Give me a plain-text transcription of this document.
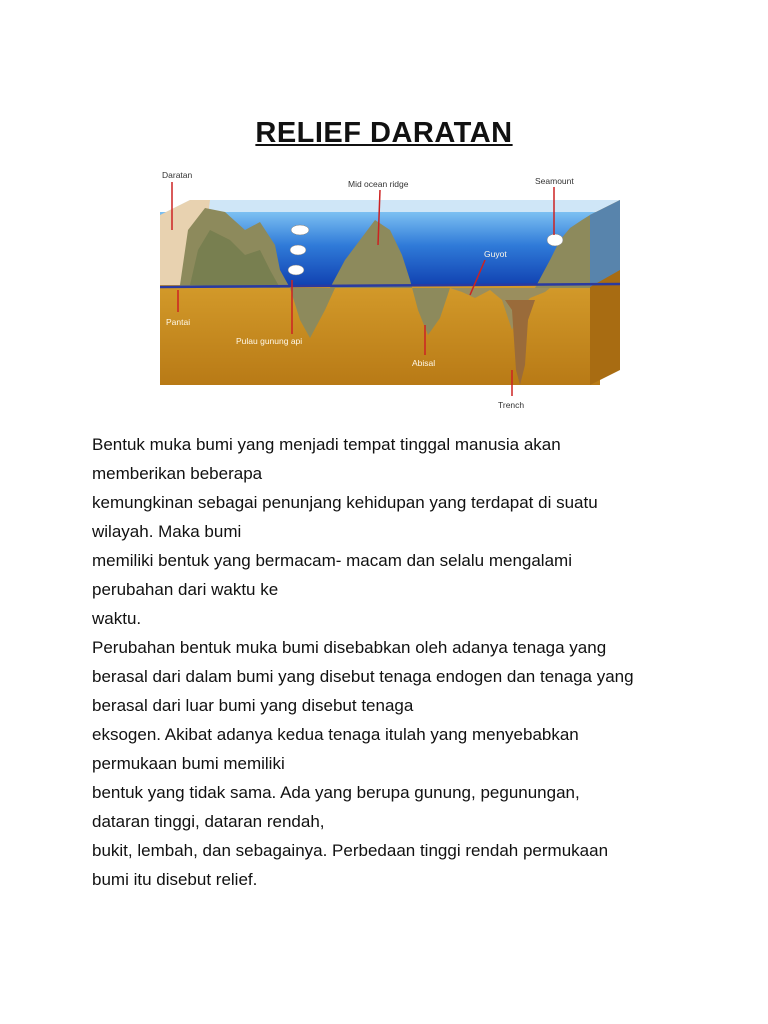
RELIEF DARATAN
Daratan
Mid ocean ridge	Seamount
Guyot
Pantai
Pulau gunung api
Abisal
Trench

Bentuk muka bumi yang menjadi tempat tinggal manusia akan

memberikan beberapa

kemungkinan sebagai penunjang kehidupan yang terdapat di suatu

wilayah. Maka bumi

memiliki bentuk yang bermacam- macam dan selalu mengalami

perubahan dari waktu ke

waktu.

Perubahan bentuk muka bumi disebabkan oleh adanya tenaga yang

berasal dari dalam bumi yang disebut tenaga endogen dan tenaga yang

berasal dari luar bumi yang disebut tenaga

eksogen. Akibat adanya kedua tenaga itulah yang menyebabkan

permukaan bumi memiliki

bentuk yang tidak sama. Ada yang berupa gunung, pegunungan,

dataran tinggi, dataran rendah,

bukit, lembah, dan sebagainya. Perbedaan tinggi rendah permukaan

bumi itu disebut relief.
